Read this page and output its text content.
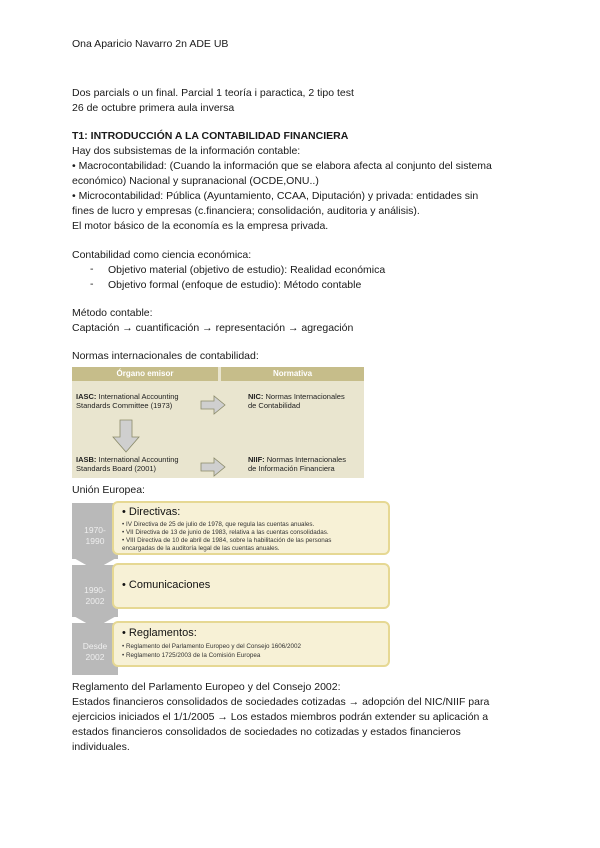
Ona Aparicio Navarro 2n ADE UB
Dos parcials o un final. Parcial 1 teoría i paractica, 2 tipo test
26 de octubre primera aula inversa
T1: INTRODUCCIÓN A LA CONTABILIDAD FINANCIERA
Hay dos subsistemas de la información contable:
• Macrocontabilidad: (Cuando la información que se elabora afecta al conjunto del sistema
económico) Nacional y supranacional (OCDE,ONU..)
• Microcontabilidad: Pública (Ayuntamiento, CCAA, Diputación) y privada: entidades sin
fines de lucro y empresas (c.financiera; consolidación, auditoria y análisis).
El motor básico de la economía es la empresa privada.
Contabilidad como ciencia económica:
- Objetivo material (objetivo de estudio): Realidad económica
- Objetivo formal (enfoque de estudio): Método contable
Método contable:
Captación → cuantificación → representación → agregación
Normas internacionales de contabilidad:
Órgano emisor	Normativa
IASC: International Accounting
Standards Committee (1973)
NIC: Normas Internacionales
de Contabilidad
IASB: International Accounting
Standards Board (2001)
NIIF: Normas Internacionales
de Información Financiera
Unión Europea:
1970-
1990
• Directivas:
• IV Directiva de 25 de julio de 1978, que regula las cuentas anuales.
• VII Directiva de 13 de junio de 1983, relativa a las cuentas consolidadas.
• VIII Directiva de 10 de abril de 1984, sobre la habilitación de las personas
encargadas de la auditoría legal de las cuentas anuales.
1990-
2002
• Comunicaciones
Desde
2002
• Reglamentos:
• Reglamento del Parlamento Europeo y del Consejo 1606/2002
• Reglamento 1725/2003 de la Comisión Europea
Reglamento del Parlamento Europeo y del Consejo 2002:
Estados financieros consolidados de sociedades cotizadas → adopción del NIC/NIIF para
ejercicios iniciados el 1/1/2005 → Los estados miembros podrán extender su aplicación a
estados financieros consolidados de sociedades no cotizadas y estados financieros
individuales.
